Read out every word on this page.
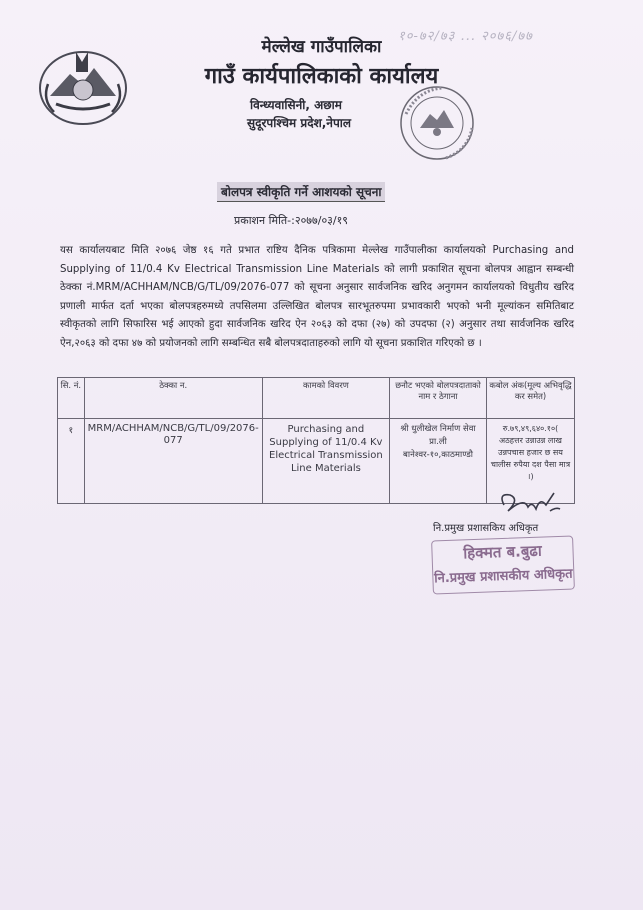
१०-७२/७३ ... २०७६/७७
मेल्लेख गाउँपालिका
गाउँ कार्यपालिकाको कार्यालय
विन्ध्यवासिनी, अछाम
सुदूरपश्चिम प्रदेश,नेपाल
बोलपत्र स्वीकृति गर्ने आशयको सूचना
प्रकाशन मिति-:२०७७/०३/१९
यस कार्यालयबाट मिति २०७६ जेष्ठ १६ गते प्रभात राष्टिय दैनिक पत्रिकामा मेल्लेख गाउँपालीका कार्यालयको Purchasing and Supplying of 11/0.4 Kv Electrical Transmission Line Materials को लागी प्रकाशित सूचना बोलपत्र आह्वान सम्बन्धी ठेक्का नं.MRM/ACHHAM/NCB/G/TL/09/2076-077 को सूचना अनुसार सार्वजनिक खरिद अनुगमन कार्यालयको विधुतीय खरिद प्रणाली मार्फत दर्ता भएका बोलपत्रहरुमध्ये तपसिलमा उल्लिखित बोलपत्र सारभूतरुपमा प्रभावकारी भएको भनी मूल्यांकन समितिबाट स्वीकृतको लागि सिफारिस भई आएको हुदा सार्वजनिक खरिद ऐन २०६३ को दफा (२७) को उपदफा (२) अनुसार तथा सार्वजनिक खरिद ऐन,२०६३ को दफा ४७ को प्रयोजनको लागि सम्बन्धित सबै बोलपत्रदाताहरुको लागि यो सूचना प्रकाशित गरिएको छ ।
सि. नं.	ठेक्का न.	कामको विवरण	छनौट भएको बोलपत्रदाताको नाम र ठेगाना	कबोल अंक(मूल्य अभिवृद्धि कर समेत)
१	MRM/ACHHAM/NCB/G/TL/09/2076-077	Purchasing and Supplying of 11/0.4 Kv Electrical Transmission Line Materials	श्री धुलीखेल निर्माण सेवा प्रा.ली बानेश्वर-१०,काठमाण्डौ	रु.७९,४९,६४०.१०( अठहत्तर उन्नाउन्न लाख उन्नपचास हजार छ सय चालीस रुपैया दश पैसा मात्र ।)
नि.प्रमुख प्रशासकिय अधिकृत
हिक्मत ब.बुढा
नि.प्रमुख प्रशासकीय अधिकृत
